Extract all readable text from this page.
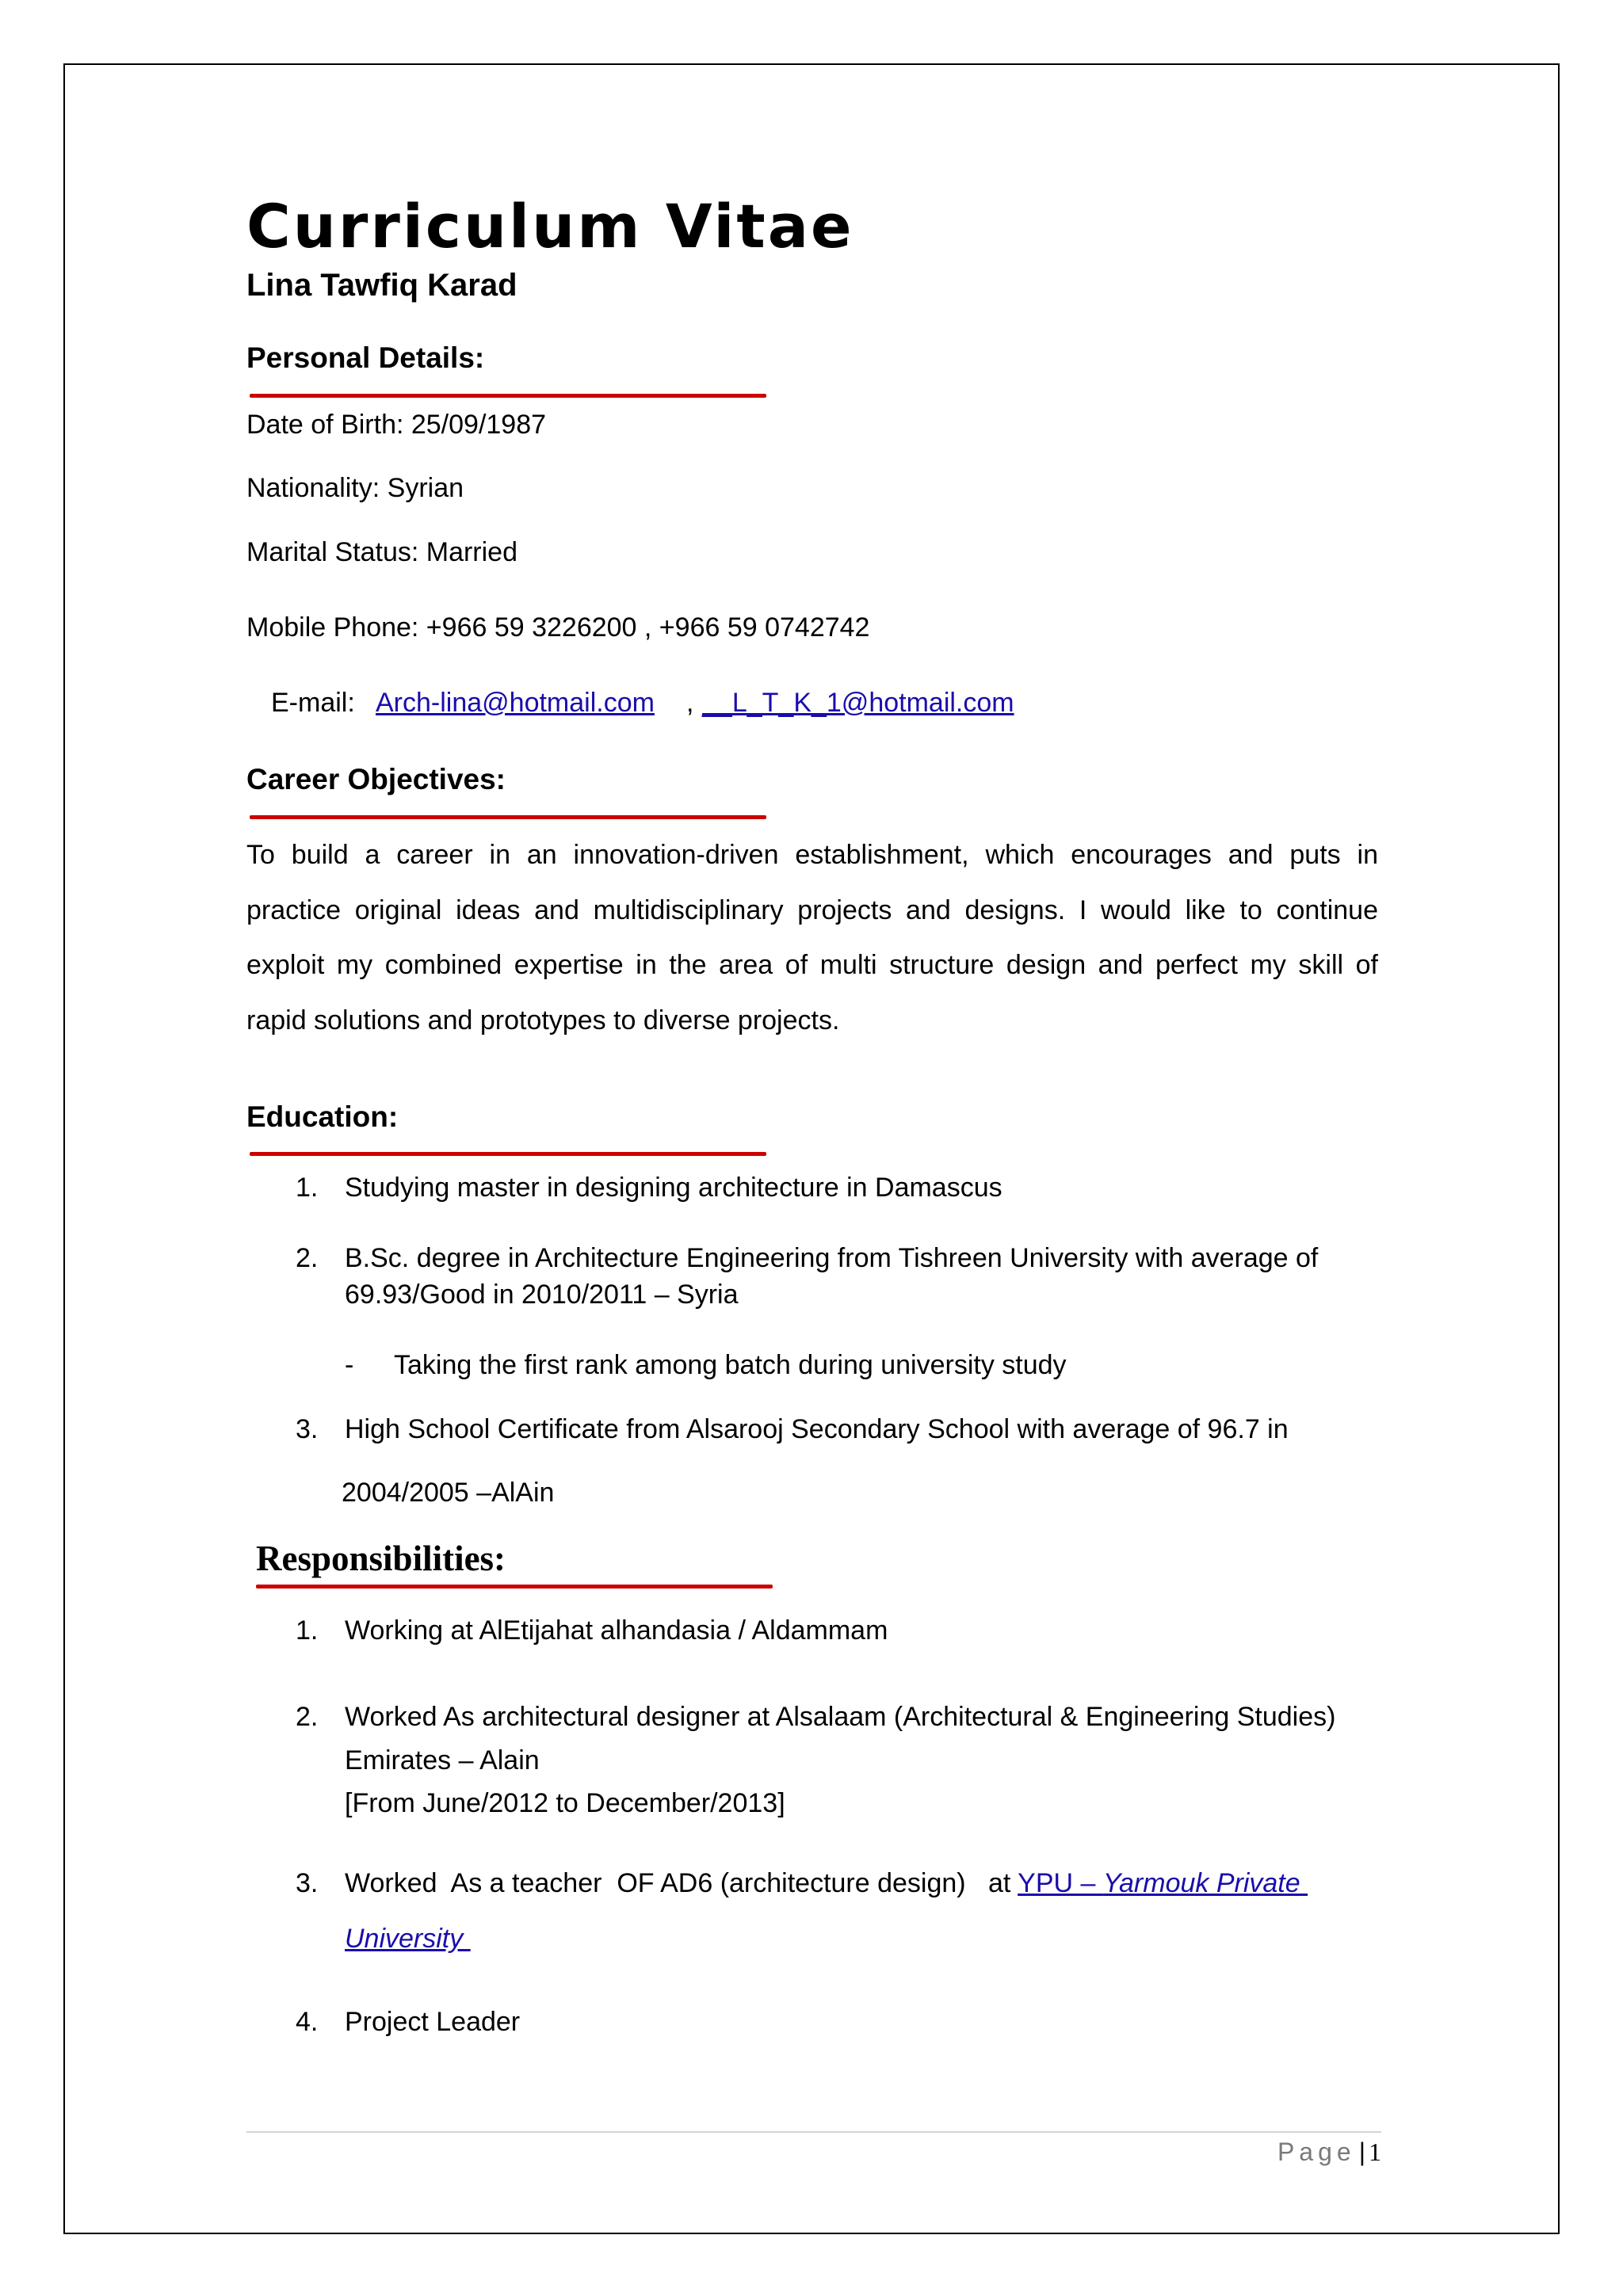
Curriculum Vitae
Lina Tawfiq Karad
Personal Details:
Date of Birth: 25/09/1987
Nationality: Syrian
Marital Status: Married
Mobile Phone: +966 59 3226200 , +966 59 0742742
E-mail: Arch-lina@hotmail.com , __L_T_K_1@hotmail.com
Career Objectives:
To build a career in an innovation-driven establishment, which encourages and puts in
practice original ideas and multidisciplinary projects and designs. I would like to continue
exploit my combined expertise in the area of multi structure design and perfect my skill of
rapid solutions and prototypes to diverse projects.
Education:
1. Studying master in designing architecture in Damascus
2. B.Sc. degree in Architecture Engineering from Tishreen University with average of
69.93/Good in 2010/2011 – Syria
- Taking the first rank among batch during university study
3. High School Certificate from Alsarooj Secondary School with average of 96.7 in
2004/2005 –AlAin
Responsibilities:
1. Working at AlEtijahat alhandasia / Aldammam
2. Worked As architectural designer at Alsalaam (Architectural & Engineering Studies)
Emirates – Alain
[From June/2012 to December/2013]
3. Worked  As a teacher  OF AD6 (architecture design)   at YPU – Yarmouk Private
University
4. Project Leader
Page | 1
